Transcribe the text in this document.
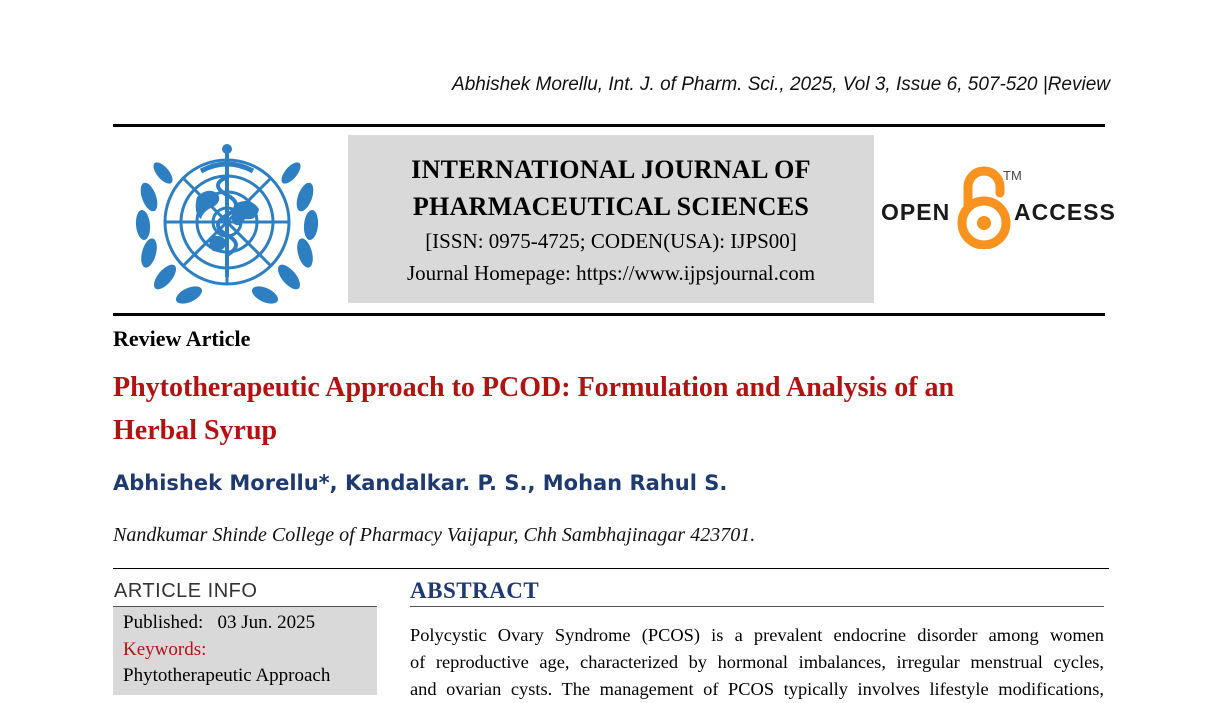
Abhishek Morellu, Int. J. of Pharm. Sci., 2025, Vol 3, Issue 6, 507-520 |Review
INTERNATIONAL JOURNAL OF
PHARMACEUTICAL SCIENCES
[ISSN: 0975-4725; CODEN(USA): IJPS00]
Journal Homepage: https://www.ijpsjournal.com
OPEN
TM
ACCESS
Review Article
Phytotherapeutic Approach to PCOD: Formulation and Analysis of an
Herbal Syrup
Abhishek Morellu*, Kandalkar. P. S., Mohan Rahul S.
Nandkumar Shinde College of Pharmacy Vaijapur, Chh Sambhajinagar 423701.
ARTICLE INFO
Published: 03 Jun. 2025
Keywords:
Phytotherapeutic Approach
ABSTRACT
Polycystic Ovary Syndrome (PCOS) is a prevalent endocrine disorder among women
of reproductive age, characterized by hormonal imbalances, irregular menstrual cycles,
and ovarian cysts. The management of PCOS typically involves lifestyle modifications,
